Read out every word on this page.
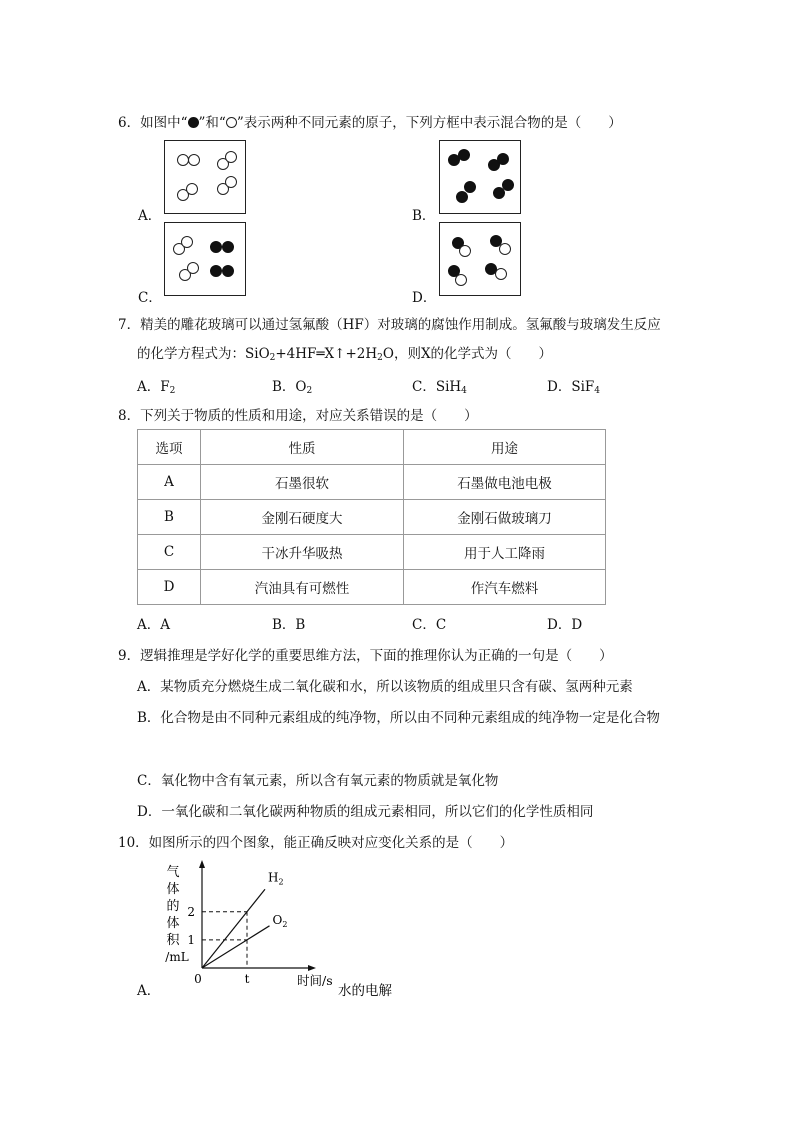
6．如图中“ ”和“ ”表示两种不同元素的原子，下列方框中表示混合物的是（　　）
A．	B．
C．	D．
7．精美的雕花玻璃可以通过氢氟酸（HF）对玻璃的腐蚀作用制成。氢氟酸与玻璃发生反应
的化学方程式为：$SiO_2+4HF═X↑+2H_2O$，则X的化学式为（　　）
A．$F_2$	B．$O_2$	C．SiH$_4$	D．SiF$_4$
8．下列关于物质的性质和用途，对应关系错误的是（　　）
选项	性质	用途
A	石墨很软	石墨做电池电极
B	金刚石硬度大	金刚石做玻璃刀
C	干冰升华吸热	用于人工降雨
D	汽油具有可燃性	作汽车燃料
A．A	B．B	C．C	D．D
9．逻辑推理是学好化学的重要思维方法，下面的推理你认为正确的一句是（　　）
A．某物质充分燃烧生成二氧化碳和水，所以该物质的组成里只含有碳、氢两种元素
B．化合物是由不同种元素组成的纯净物，所以由不同种元素组成的纯净物一定是化合物
C．氧化物中含有氧元素，所以含有氧元素的物质就是氧化物
D．一氧化碳和二氧化碳两种物质的组成元素相同，所以它们的化学性质相同
10．如图所示的四个图象，能正确反映对应变化关系的是（　　）
A．
气
体
的
体
积
/mL
0	t
1
2
时间/s
$H_2$
$O_2$
水的电解
